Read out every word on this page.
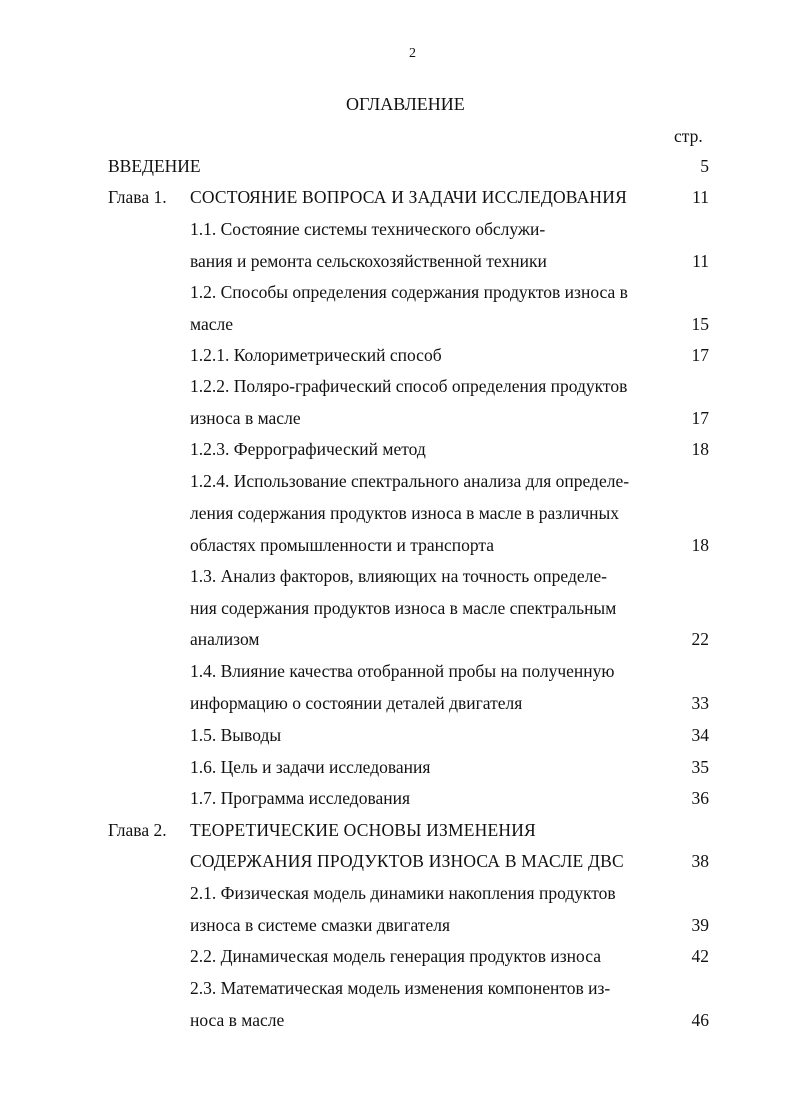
2
ОГЛАВЛЕНИЕ
стр.
ВВЕДЕНИЕ	5
Глава 1. СОСТОЯНИЕ ВОПРОСА И ЗАДАЧИ ИССЛЕДОВАНИЯ	11
1.1. Состояние системы технического обслужи-
вания и ремонта сельскохозяйственной техники	11
1.2. Способы определения содержания продуктов износа в
масле	15
1.2.1. Колориметрический способ	17
1.2.2. Поляро-графический способ определения продуктов
износа в масле	17
1.2.3. Феррографический метод	18
1.2.4. Использование спектрального анализа для определе-
ления содержания продуктов износа в масле в различных
областях промышленности и транспорта	18
1.3. Анализ факторов, влияющих на точность определе-
ния содержания продуктов износа в масле спектральным
анализом	22
1.4. Влияние качества отобранной пробы на полученную
информацию о состоянии деталей двигателя	33
1.5. Выводы	34
1.6. Цель и задачи исследования	35
1.7. Программа исследования	36
Глава 2. ТЕОРЕТИЧЕСКИЕ ОСНОВЫ ИЗМЕНЕНИЯ
СОДЕРЖАНИЯ ПРОДУКТОВ ИЗНОСА В МАСЛЕ ДВС	38
2.1. Физическая модель динамики накопления продуктов
износа в системе смазки двигателя	39
2.2. Динамическая модель генерация продуктов износа	42
2.3. Математическая модель изменения компонентов из-
носа в масле	46
